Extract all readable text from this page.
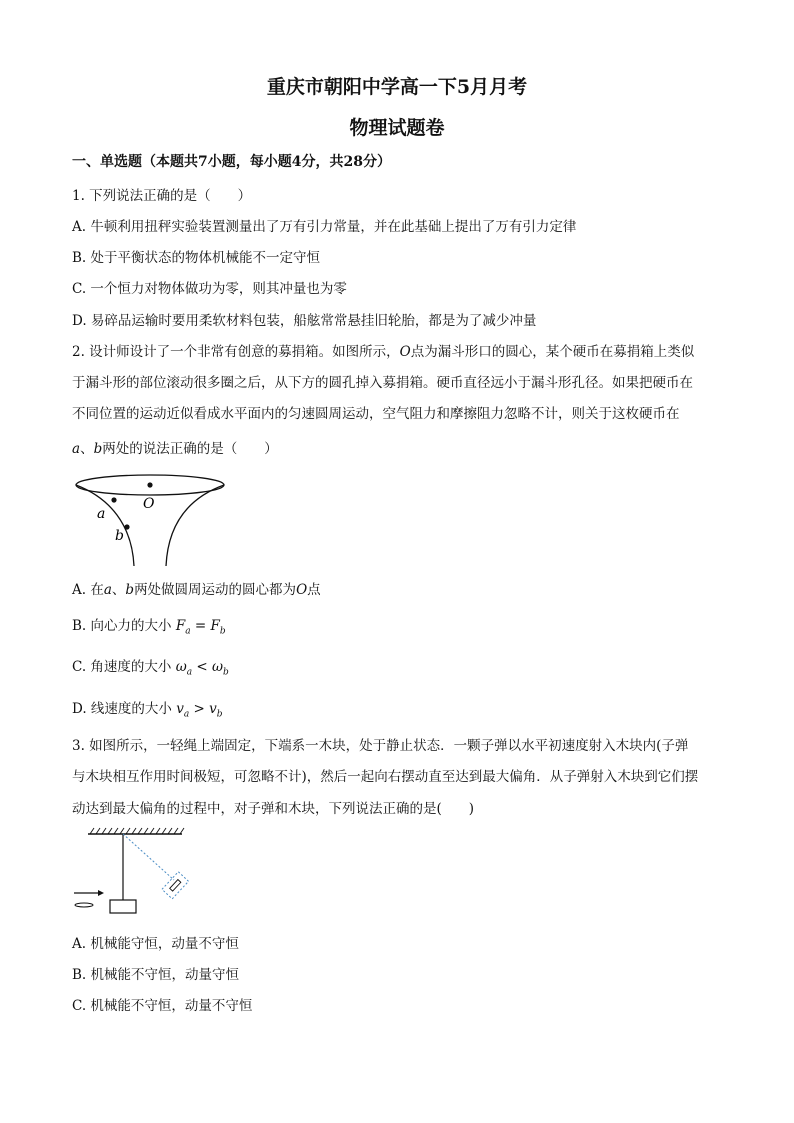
重庆市朝阳中学高一下5月月考
物理试题卷
一、单选题（本题共7小题，每小题4分，共28分）
1. 下列说法正确的是（　　）
A. 牛顿利用扭秤实验装置测量出了万有引力常量，并在此基础上提出了万有引力定律
B. 处于平衡状态的物体机械能不一定守恒
C. 一个恒力对物体做功为零，则其冲量也为零
D. 易碎品运输时要用柔软材料包装，船舷常常悬挂旧轮胎，都是为了减少冲量
2. 设计师设计了一个非常有创意的募捐箱。如图所示，O点为漏斗形口的圆心，某个硬币在募捐箱上类似
于漏斗形的部位滚动很多圈之后，从下方的圆孔掉入募捐箱。硬币直径远小于漏斗形孔径。如果把硬币在
不同位置的运动近似看成水平面内的匀速圆周运动，空气阻力和摩擦阻力忽略不计，则关于这枚硬币在
a、b两处的说法正确的是（　　）
O
a
b
A. 在a、b两处做圆周运动的圆心都为O点
B. 向心力的大小 $F_a = F_b$
C. 角速度的大小 $\omega_a < \omega_b$
D. 线速度的大小 $v_a > v_b$
3. 如图所示，一轻绳上端固定，下端系一木块，处于静止状态．一颗子弹以水平初速度射入木块内(子弹
与木块相互作用时间极短，可忽略不计)，然后一起向右摆动直至达到最大偏角．从子弹射入木块到它们摆
动达到最大偏角的过程中，对子弹和木块，下列说法正确的是(　　)
A. 机械能守恒，动量不守恒
B. 机械能不守恒，动量守恒
C. 机械能不守恒，动量不守恒
